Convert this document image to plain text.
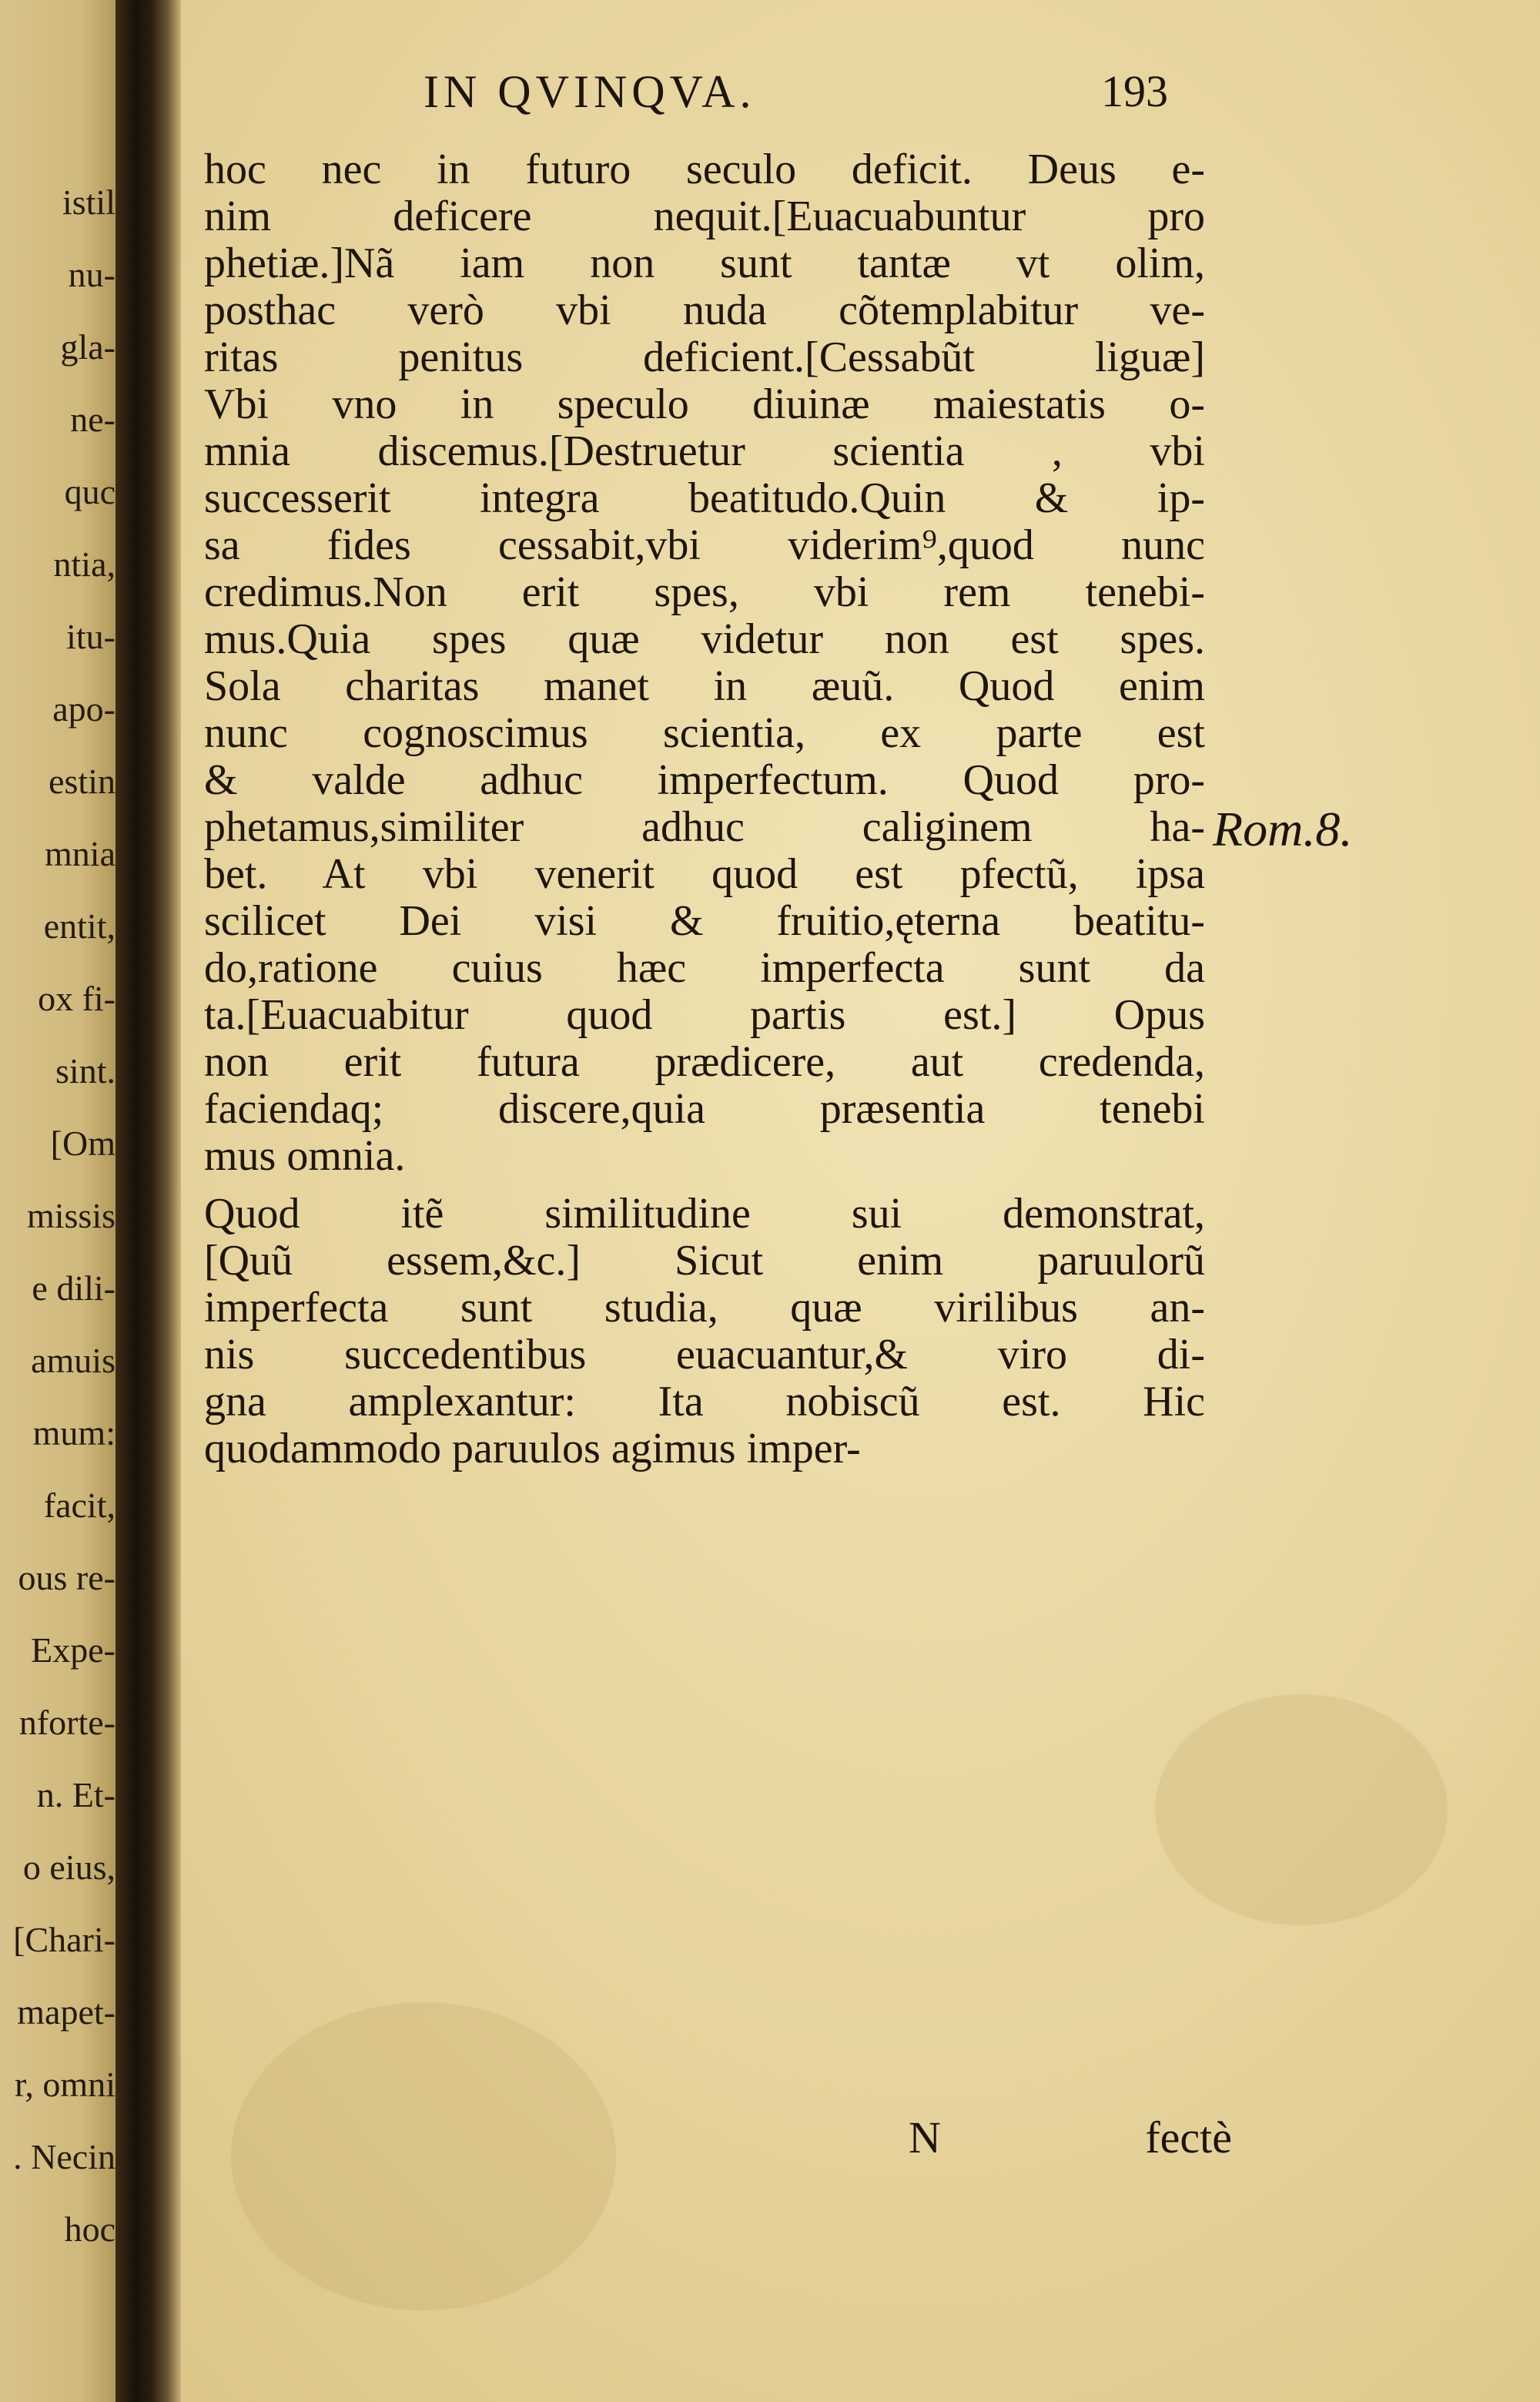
istil
nu-
gla-
ne-
quc
ntia,
itu-
apo-
estin
mnia
entit,
ox fi-
sint.
[Om
missis
e dili-
amuis
mum:
facit,
ous re-
Expe-
nforte-
n. Et-
o eius,
[Chari-
mapet-
r, omni
. Necin
hoc
IN QVINQVA.	193
hoc nec in futuro seculo deficit. Deus e-
nim deficere nequit.[Euacuabuntur pro
phetiæ.]Nã iam non sunt tantæ vt olim,
posthac verò vbi nuda cõtemplabitur ve-
ritas penitus deficient.[Cessabũt liguæ]
Vbi vno in speculo diuinæ maiestatis o-
mnia discemus.[Destruetur scientia , vbi
successerit integra beatitudo.Quin & ip-
sa fides cessabit,vbi viderim⁹,quod nunc
credimus.Non erit spes, vbi rem tenebi-
mus.Quia spes quæ videtur non est spes.
Sola charitas manet in æuũ. Quod enim
nunc cognoscimus scientia, ex parte est
& valde adhuc imperfectum. Quod pro-
phetamus,similiter adhuc caliginem ha-
bet. At vbi venerit quod est pfectũ, ipsa
scilicet Dei visi & fruitio,ęterna beatitu-
do,ratione cuius hæc imperfecta sunt da
ta.[Euacuabitur quod partis est.] Opus
non erit futura prædicere, aut credenda,
faciendaq; discere,quia præsentia tenebi
mus omnia.
Quod itẽ similitudine sui demonstrat,
[Quũ essem,&c.] Sicut enim paruulorũ
imperfecta sunt studia, quæ virilibus an-
nis succedentibus euacuantur,& viro di-
gna amplexantur: Ita nobiscũ est. Hic
quodammodo paruulos agimus imper-
Rom.8.
N	fectè
